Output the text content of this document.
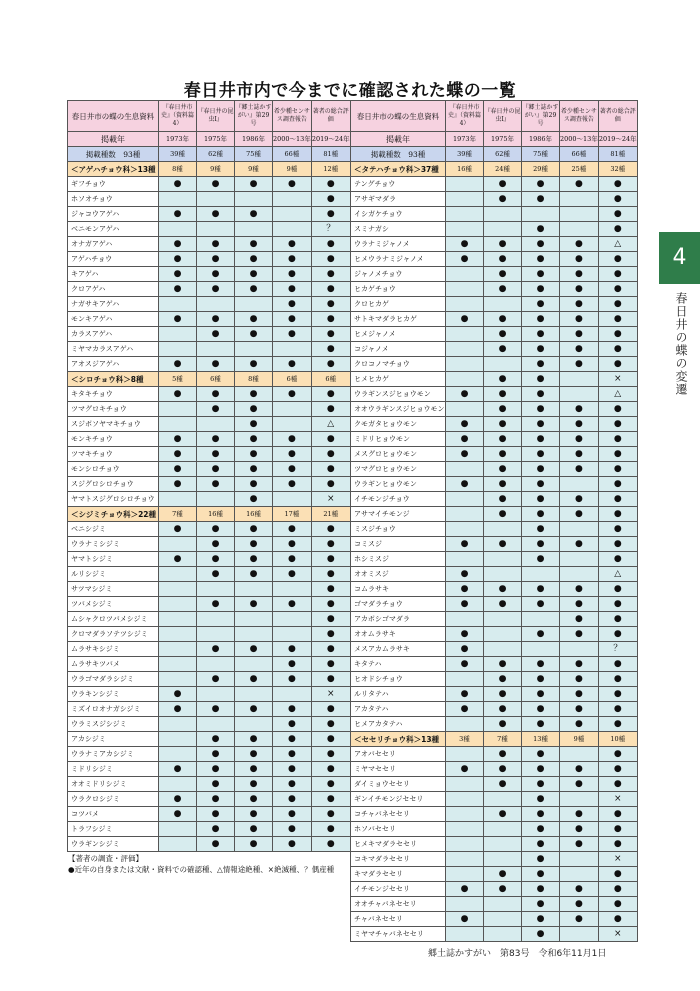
春日井市内で今までに確認された蝶の一覧
春日井市の蝶の生息資料	『春日井市史』（資料篇4）	『春日井の昆虫Ⅰ』	『郷土誌かすがい』第29号	希少種センサス調査報告	著者の総合評価
掲載年	1973年	1975年	1986年	2000～13年	2019～24年
掲載種数　93種	39種	62種	75種	66種	81種
＜アゲハチョウ科＞13種	8種	9種	9種	9種	12種
ギフチョウ	●	●	●	●	●
ホソオチョウ					●
ジャコウアゲハ	●	●	●		●
ベニモンアゲハ					？
オナガアゲハ	●	●	●	●	●
アゲハチョウ	●	●	●	●	●
キアゲハ	●	●	●	●	●
クロアゲハ	●	●	●	●	●
ナガサキアゲハ				●	●
モンキアゲハ	●	●	●	●	●
カラスアゲハ		●	●	●	●
ミヤマカラスアゲハ					●
アオスジアゲハ	●	●	●	●	●
＜シロチョウ科＞8種	5種	6種	8種	6種	6種
キタキチョウ	●	●	●	●	●
ツマグロキチョウ		●	●		●
スジボソヤマキチョウ			●		△
モンキチョウ	●	●	●	●	●
ツマキチョウ	●	●	●	●	●
モンシロチョウ	●	●	●	●	●
スジグロシロチョウ	●	●	●	●	●
ヤマトスジグロシロチョウ			●		×
＜シジミチョウ科＞22種	7種	16種	16種	17種	21種
ベニシジミ	●	●	●	●	●
ウラナミシジミ		●	●	●	●
ヤマトシジミ	●	●	●	●	●
ルリシジミ		●	●	●	●
サツマシジミ					●
ツバメシジミ		●	●	●	●
ムシャクロツバメシジミ					●
クロマダラソテツシジミ					●
ムラサキシジミ		●	●	●	●
ムラサキツバメ				●	●
ウラゴマダラシジミ		●	●	●	●
ウラキンシジミ	●				×
ミズイロオナガシジミ	●	●	●	●	●
ウラミスジシジミ				●	●
アカシジミ		●	●	●	●
ウラナミアカシジミ		●	●	●	●
ミドリシジミ	●	●	●	●	●
オオミドリシジミ		●	●	●	●
ウラクロシジミ	●	●	●	●	●
コツバメ	●	●	●	●	●
トラフシジミ		●	●	●	●
ウラギンシジミ		●	●	●	●
春日井市の蝶の生息資料	『春日井市史』（資料篇4）	『春日井の昆虫Ⅰ』	『郷土誌かすがい』第29号	希少種センサス調査報告	著者の総合評価
掲載年	1973年	1975年	1986年	2000～13年	2019～24年
掲載種数　93種	39種	62種	75種	66種	81種
＜タテハチョウ科＞37種	16種	24種	29種	25種	32種
テングチョウ		●	●	●	●
アサギマダラ		●	●		●
イシガケチョウ					●
スミナガシ			●		●
ウラナミジャノメ	●	●	●	●	△
ヒメウラナミジャノメ	●	●	●	●	●
ジャノメチョウ		●	●	●	●
ヒカゲチョウ		●	●	●	●
クロヒカゲ			●	●	●
サトキマダラヒカゲ	●	●	●	●	●
ヒメジャノメ		●	●	●	●
コジャノメ		●	●	●	●
クロコノマチョウ			●	●	●
ヒメヒカゲ		●	●		×
ウラギンスジヒョウモン	●	●	●		△
オオウラギンスジヒョウモン		●	●	●	●
クモガタヒョウモン	●	●	●	●	●
ミドリヒョウモン	●	●	●	●	●
メスグロヒョウモン	●	●	●	●	●
ツマグロヒョウモン		●	●	●	●
ウラギンヒョウモン	●	●	●		●
イチモンジチョウ		●	●	●	●
アサマイチモンジ		●	●	●	●
ミスジチョウ			●		●
コミスジ	●	●	●	●	●
ホシミスジ			●		●
オオミスジ	●				△
コムラサキ	●	●	●	●	●
ゴマダラチョウ	●	●	●	●	●
アカボシゴマダラ				●	●
オオムラサキ	●		●	●	●
メスアカムラサキ	●				？
キタテハ	●	●	●	●	●
ヒオドシチョウ		●	●	●	●
ルリタテハ	●	●	●	●	●
アカタテハ	●	●	●	●	●
ヒメアカタテハ		●	●	●	●
＜セセリチョウ科＞13種	3種	7種	13種	9種	10種
アオバセセリ		●	●		●
ミヤマセセリ	●	●	●	●	●
ダイミョウセセリ		●	●	●	●
ギンイチモンジセセリ			●		×
コチャバネセセリ		●	●	●	●
ホソバセセリ			●	●	●
ヒメキマダラセセリ			●	●	●
コキマダラセセリ			●		×
キマダラセセリ		●	●		●
イチモンジセセリ	●	●	●	●	●
オオチャバネセセリ			●	●	●
チャバネセセリ	●		●	●	●
ミヤマチャバネセセリ			●		×
【著者の調査・評価】
●近年の自身または文献・資料での確認種、△情報途絶種、×絶滅種、？偶産種
4
春日井の蝶の変遷
郷土誌かすがい　第83号　令和6年11月1日
